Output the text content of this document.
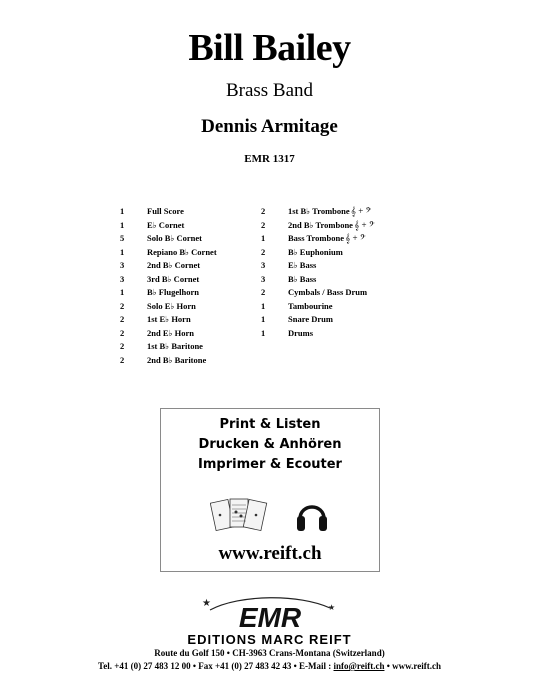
Bill Bailey
Brass Band
Dennis Armitage
EMR 1317
1	Full Score
1	E♭ Cornet
5	Solo B♭ Cornet
1	Repiano B♭ Cornet
3	2nd B♭ Cornet
3	3rd B♭ Cornet
1	B♭ Flugelhorn
2	Solo E♭ Horn
2	1st E♭ Horn
2	2nd E♭ Horn
2	1st B♭ Baritone
2	2nd B♭ Baritone
2	1st B♭ Trombone 𝄞 + 𝄢
2	2nd B♭ Trombone 𝄞 + 𝄢
1	Bass Trombone 𝄞 + 𝄢
2	B♭ Euphonium
3	E♭ Bass
3	B♭ Bass
2	Cymbals / Bass Drum
1	Tambourine
1	Snare Drum
1	Drums
Print & Listen
Drucken & Anhören
Imprimer & Ecouter
www.reift.ch
★	★
EMR
EDITIONS MARC REIFT
Route du Golf 150 • CH-3963 Crans-Montana (Switzerland)
Tel. +41 (0) 27 483 12 00 • Fax +41 (0) 27 483 42 43 • E-Mail : info@reift.ch • www.reift.ch
